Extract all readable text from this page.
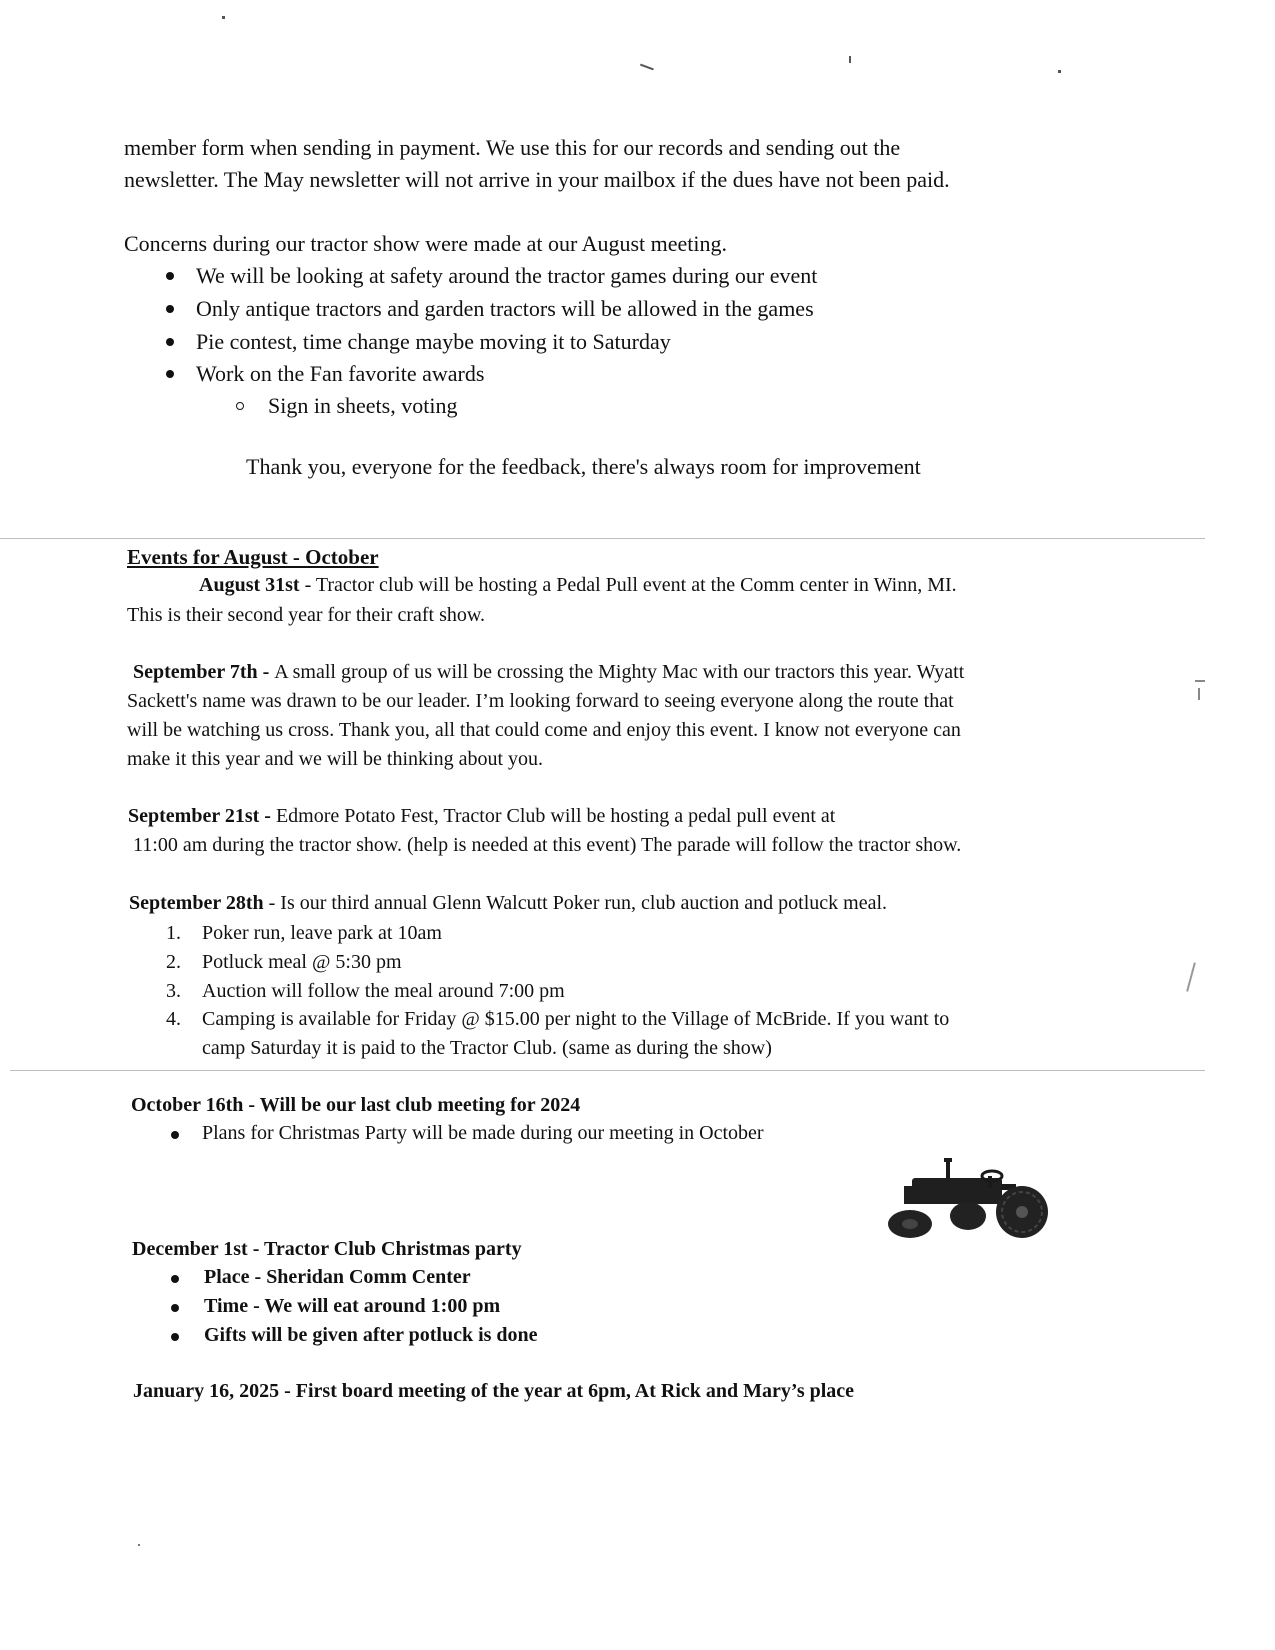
member form when sending in payment. We use this for our records and sending out the
newsletter. The May newsletter will not arrive in your mailbox if the dues have not been paid.
Concerns during our tractor show were made at our August meeting.
We will be looking at safety around the tractor games during our event
Only antique tractors and garden tractors will be allowed in the games
Pie contest, time change maybe moving it to Saturday
Work on the Fan favorite awards
Sign in sheets, voting
Thank you, everyone for the feedback, there's always room for improvement
Events for August - October
August 31st - Tractor club will be hosting a Pedal Pull event at the Comm center in Winn, MI.
This is their second year for their craft show.
September 7th - A small group of us will be crossing the Mighty Mac with our tractors this year. Wyatt
Sackett's name was drawn to be our leader. I’m looking forward to seeing everyone along the route that
will be watching us cross. Thank you, all that could come and enjoy this event. I know not everyone can
make it this year and we will be thinking about you.
September 21st - Edmore Potato Fest, Tractor Club will be hosting a pedal pull event at
11:00 am during the tractor show. (help is needed at this event) The parade will follow the tractor show.
September 28th - Is our third annual Glenn Walcutt Poker run, club auction and potluck meal.
1. Poker run, leave park at 10am
2. Potluck meal @ 5:30 pm
3. Auction will follow the meal around 7:00 pm
4. Camping is available for Friday @ $15.00 per night to the Village of McBride. If you want to
camp Saturday it is paid to the Tractor Club. (same as during the show)
October 16th - Will be our last club meeting for 2024
Plans for Christmas Party will be made during our meeting in October
December 1st - Tractor Club Christmas party
Place - Sheridan Comm Center
Time - We will eat around 1:00 pm
Gifts will be given after potluck is done
January 16, 2025 - First board meeting of the year at 6pm, At Rick and Mary’s place
